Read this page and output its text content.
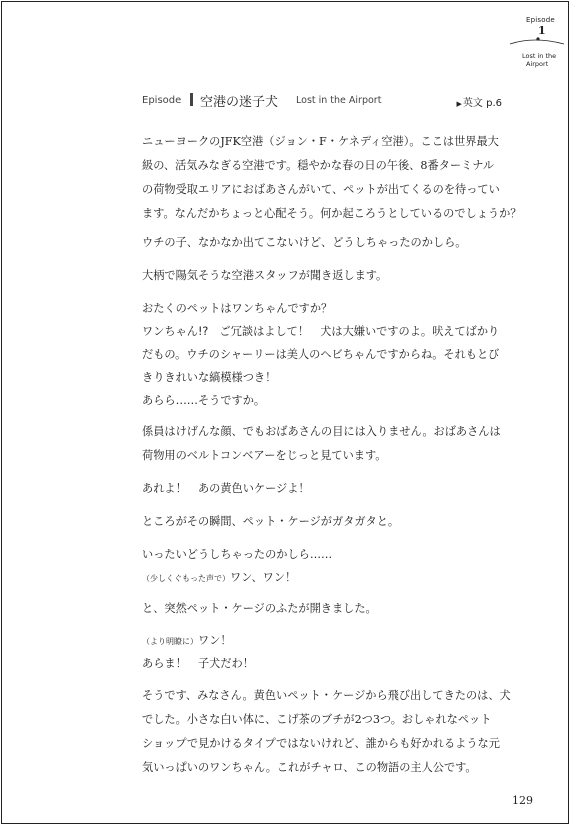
Episode
1
Lost in the
Airport
Episode 空港の迷子犬 Lost in the Airport	▶英文 p.6
ニューヨークのJFK空港（ジョン・F・ケネディ空港）。ここは世界最大
級の、活気みなぎる空港です。穏やかな春の日の午後、8番ターミナル
の荷物受取エリアにおばあさんがいて、ペットが出てくるのを待ってい
ます。なんだかちょっと心配そう。何か起ころうとしているのでしょうか？
ウチの子、なかなか出てこないけど、どうしちゃったのかしら。
大柄で陽気そうな空港スタッフが聞き返します。
おたくのペットはワンちゃんですか？
ワンちゃん!?　ご冗談はよして！　犬は大嫌いですのよ。吠えてばかり
だもの。ウチのシャーリーは美人のヘビちゃんですからね。それもとび
きりきれいな縞模様つき！
あらら……そうですか。
係員はけげんな顔、でもおばあさんの目には入りません。おばあさんは
荷物用のベルトコンベアーをじっと見ています。
あれよ！　あの黄色いケージよ！
ところがその瞬間、ペット・ケージがガタガタと。
いったいどうしちゃったのかしら……
（少しくぐもった声で）ワン、ワン！
と、突然ペット・ケージのふたが開きました。
（より明瞭に）ワン！
あらま！　子犬だわ！
そうです、みなさん。黄色いペット・ケージから飛び出してきたのは、犬
でした。小さな白い体に、こげ茶のブチが2つ3つ。おしゃれなペット
ショップで見かけるタイプではないけれど、誰からも好かれるような元
気いっぱいのワンちゃん。これがチャロ、この物語の主人公です。
129
